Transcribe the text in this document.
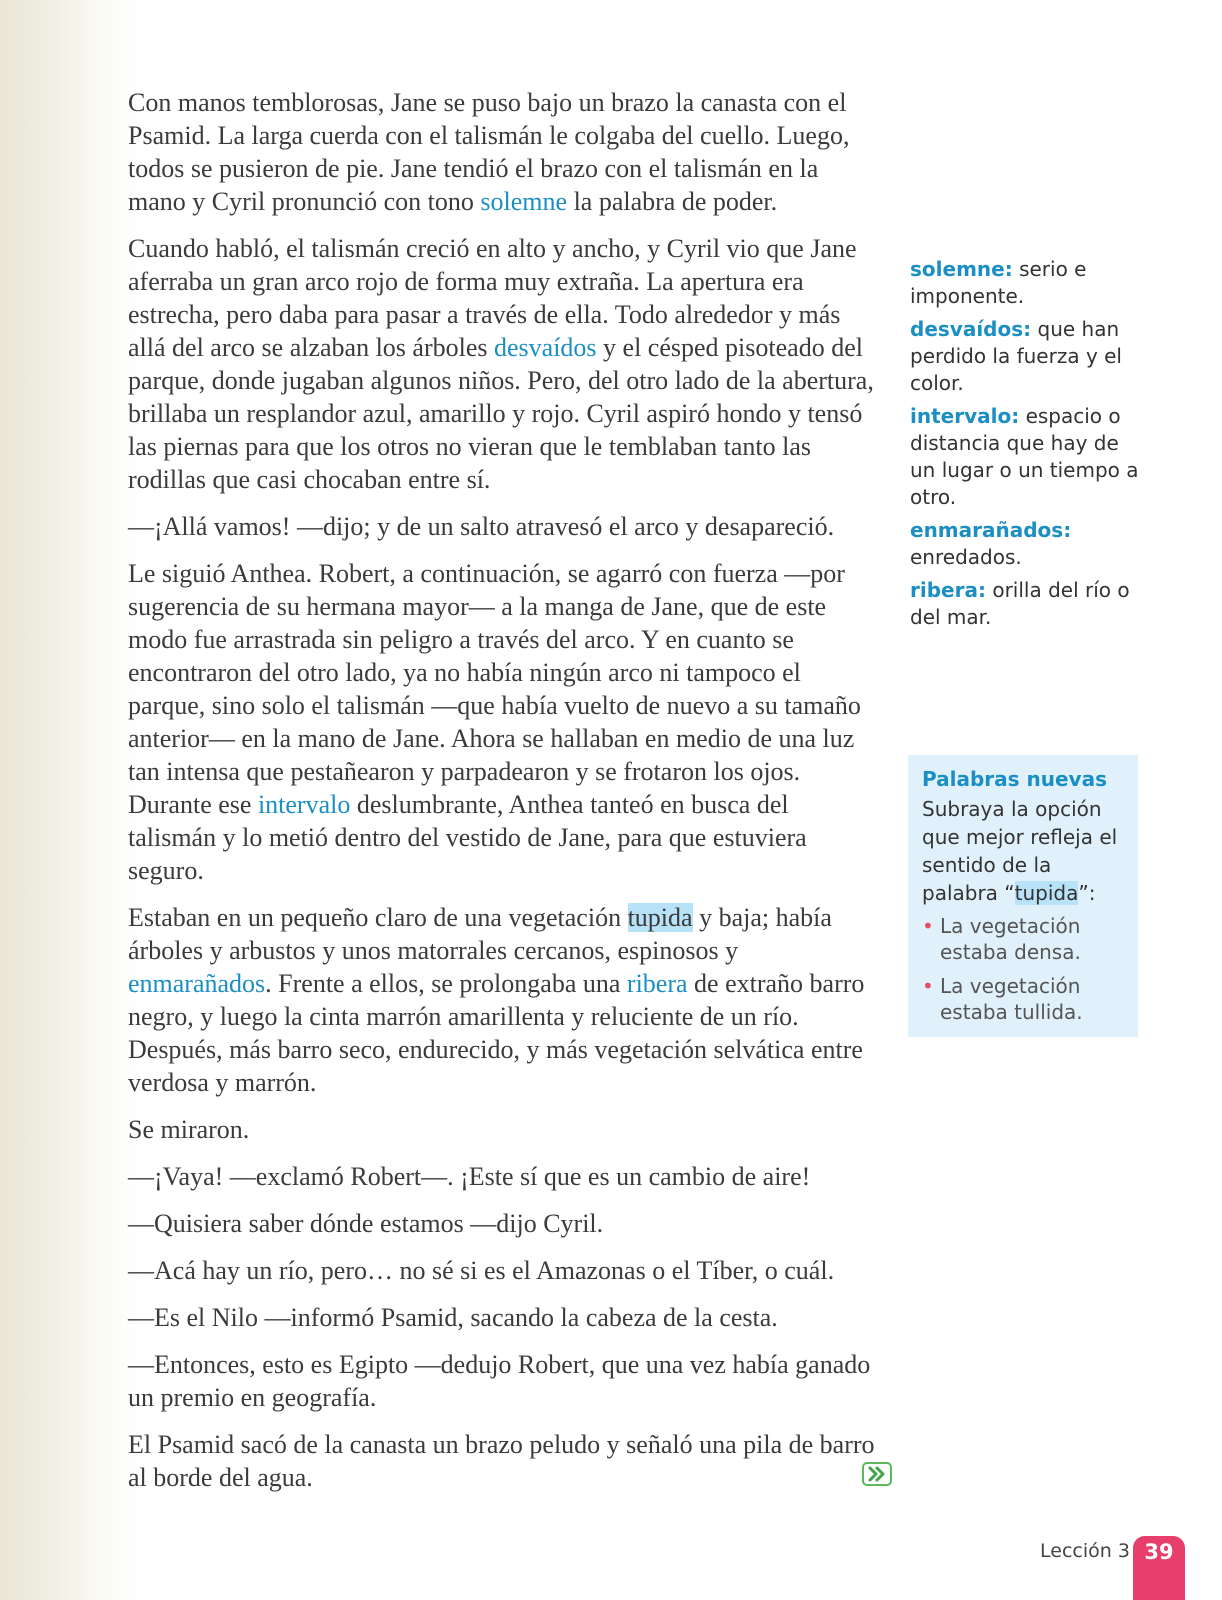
Con manos temblorosas, Jane se puso bajo un brazo la canasta con el Psamid. La larga cuerda con el talismán le colgaba del cuello. Luego, todos se pusieron de pie. Jane tendió el brazo con el talismán en la mano y Cyril pronunció con tono solemne la palabra de poder.

Cuando habló, el talismán creció en alto y ancho, y Cyril vio que Jane aferraba un gran arco rojo de forma muy extraña. La apertura era estrecha, pero daba para pasar a través de ella. Todo alrededor y más allá del arco se alzaban los árboles desvaídos y el césped pisoteado del parque, donde jugaban algunos niños. Pero, del otro lado de la abertura, brillaba un resplandor azul, amarillo y rojo. Cyril aspiró hondo y tensó las piernas para que los otros no vieran que le temblaban tanto las rodillas que casi chocaban entre sí.

—¡Allá vamos! —dijo; y de un salto atravesó el arco y desapareció.

Le siguió Anthea. Robert, a continuación, se agarró con fuerza —por sugerencia de su hermana mayor— a la manga de Jane, que de este modo fue arrastrada sin peligro a través del arco. Y en cuanto se encontraron del otro lado, ya no había ningún arco ni tampoco el parque, sino solo el talismán —que había vuelto de nuevo a su tamaño anterior— en la mano de Jane. Ahora se hallaban en medio de una luz tan intensa que pestañearon y parpadearon y se frotaron los ojos. Durante ese intervalo deslumbrante, Anthea tanteó en busca del talismán y lo metió dentro del vestido de Jane, para que estuviera seguro.

Estaban en un pequeño claro de una vegetación tupida y baja; había árboles y arbustos y unos matorrales cercanos, espinosos y enmarañados. Frente a ellos, se prolongaba una ribera de extraño barro negro, y luego la cinta marrón amarillenta y reluciente de un río. Después, más barro seco, endurecido, y más vegetación selvática entre verdosa y marrón.

Se miraron.

—¡Vaya! —exclamó Robert—. ¡Este sí que es un cambio de aire!

—Quisiera saber dónde estamos —dijo Cyril.

—Acá hay un río, pero… no sé si es el Amazonas o el Tíber, o cuál.

—Es el Nilo —informó Psamid, sacando la cabeza de la cesta.

—Entonces, esto es Egipto —dedujo Robert, que una vez había ganado un premio en geografía.

El Psamid sacó de la canasta un brazo peludo y señaló una pila de barro al borde del agua.

solemne: serio e imponente.
desvaídos: que han perdido la fuerza y el color.
intervalo: espacio o distancia que hay de un lugar o un tiempo a otro.
enmarañados: enredados.
ribera: orilla del río o del mar.
Palabras nuevas
Subraya la opción que mejor refleja el sentido de la palabra “tupida”:
• La vegetación estaba densa.
• La vegetación estaba tullida.
Lección 3 39
